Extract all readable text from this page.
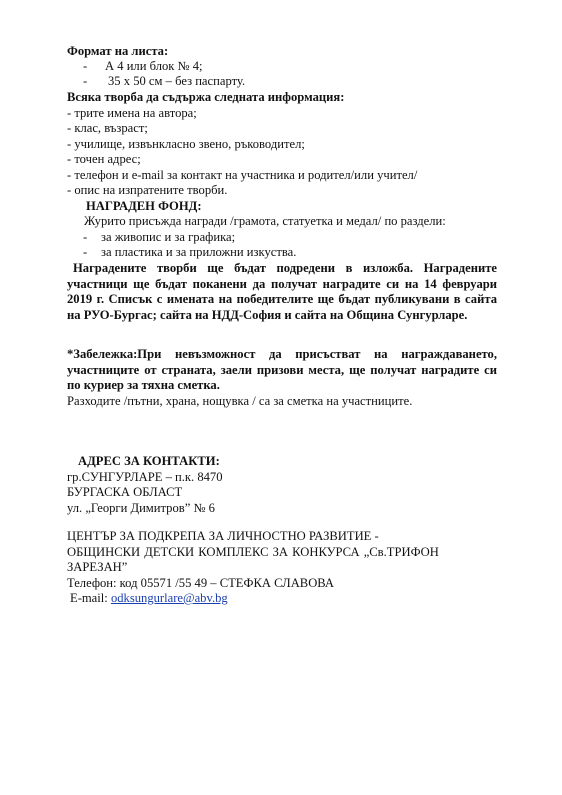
Формат на листа:
- А 4 или блок № 4;
- 35 х 50 см – без паспарту.
Всяка творба да съдържа следната информация:
- трите имена на автора;
- клас, възраст;
- училище, извънкласно звено, ръководител;
- точен адрес;
- телефон и e-mail за контакт на участника и родител/или учител/
- опис на изпратените творби.
НАГРАДЕН ФОНД:
Журито присъжда награди /грамота, статуетка и медал/ по раздели:
- за живопис и за графика;
- за пластика и за приложни изкуства.
Наградените творби ще бъдат подредени в изложба. Наградените участници ще бъдат поканени да получат наградите си на 14 февруари 2019 г. Списък с имената на победителите ще бъдат публикувани в сайта на РУО-Бургас; сайта на НДД-София и сайта на Община Сунгурларе.
*Забележка:При невъзможност да присъстват на награждаването, участниците от страната, заели призови места, ще получат наградите си по куриер за тяхна сметка.
Разходите /пътни, храна, нощувка / са за сметка на участниците.
АДРЕС ЗА КОНТАКТИ:
гр.СУНГУРЛАРЕ – п.к. 8470
БУРГАСКА ОБЛАСТ
ул. „Георги Димитров” № 6
ЦЕНТЪР ЗА ПОДКРЕПА ЗА ЛИЧНОСТНО РАЗВИТИЕ -
ОБЩИНСКИ ДЕТСКИ КОМПЛЕКС ЗА КОНКУРСА „Св.ТРИФОН
ЗАРЕЗАН”
Телефон: код 05571 /55 49 – СТЕФКА СЛАВОВА
E-mail: odksungurlare@abv.bg
